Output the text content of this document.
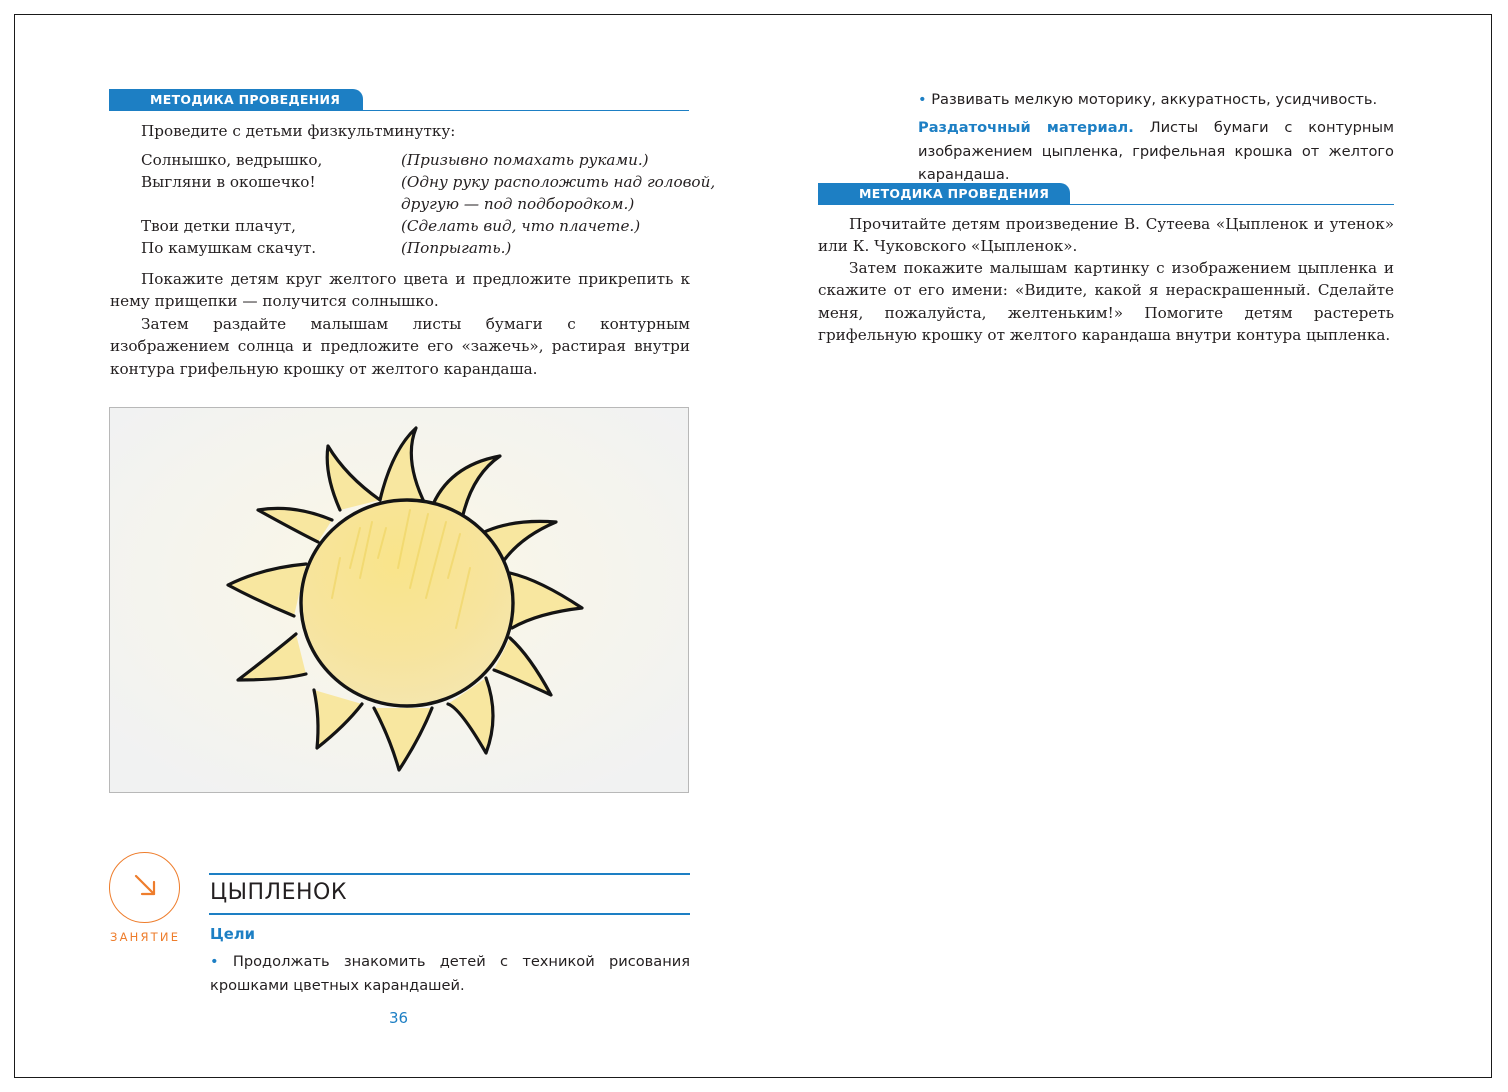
МЕТОДИКА ПРОВЕДЕНИЯ

Проведите с детьми физкультминутку:

Солнышко, ведрышко,	(Призывно помахать руками.)
Выгляни в окошечко!	(Одну руку расположить над головой,
другую — под подбородком.)
Твои детки плачут,	(Сделать вид, что плачете.)
По камушкам скачут.	(Попрыгать.)

Покажите детям круг желтого цвета и предложите прикрепить к нему прищепки — получится солнышко.

Затем раздайте малышам листы бумаги с контурным изображением солнца и предложите его «зажечь», растирая внутри контура грифельную крошку от желтого карандаша.

ЗАНЯТИЕ
ЦЫПЛЕНОК
Цели

• Продолжать знакомить детей с техникой рисования крошками цветных карандашей.

36

• Развивать мелкую моторику, аккуратность, усидчивость.

Раздаточный материал. Листы бумаги с контурным изображением цыпленка, грифельная крошка от желтого карандаша.

МЕТОДИКА ПРОВЕДЕНИЯ

Прочитайте детям произведение В. Сутеева «Цыпленок и утенок» или К. Чуковского «Цыпленок».

Затем покажите малышам картинку с изображением цыпленка и скажите от его имени: «Видите, какой я нераскрашенный. Сделайте меня, пожалуйста, желтеньким!» Помогите детям растереть грифельную крошку от желтого карандаша внутри контура цыпленка.
